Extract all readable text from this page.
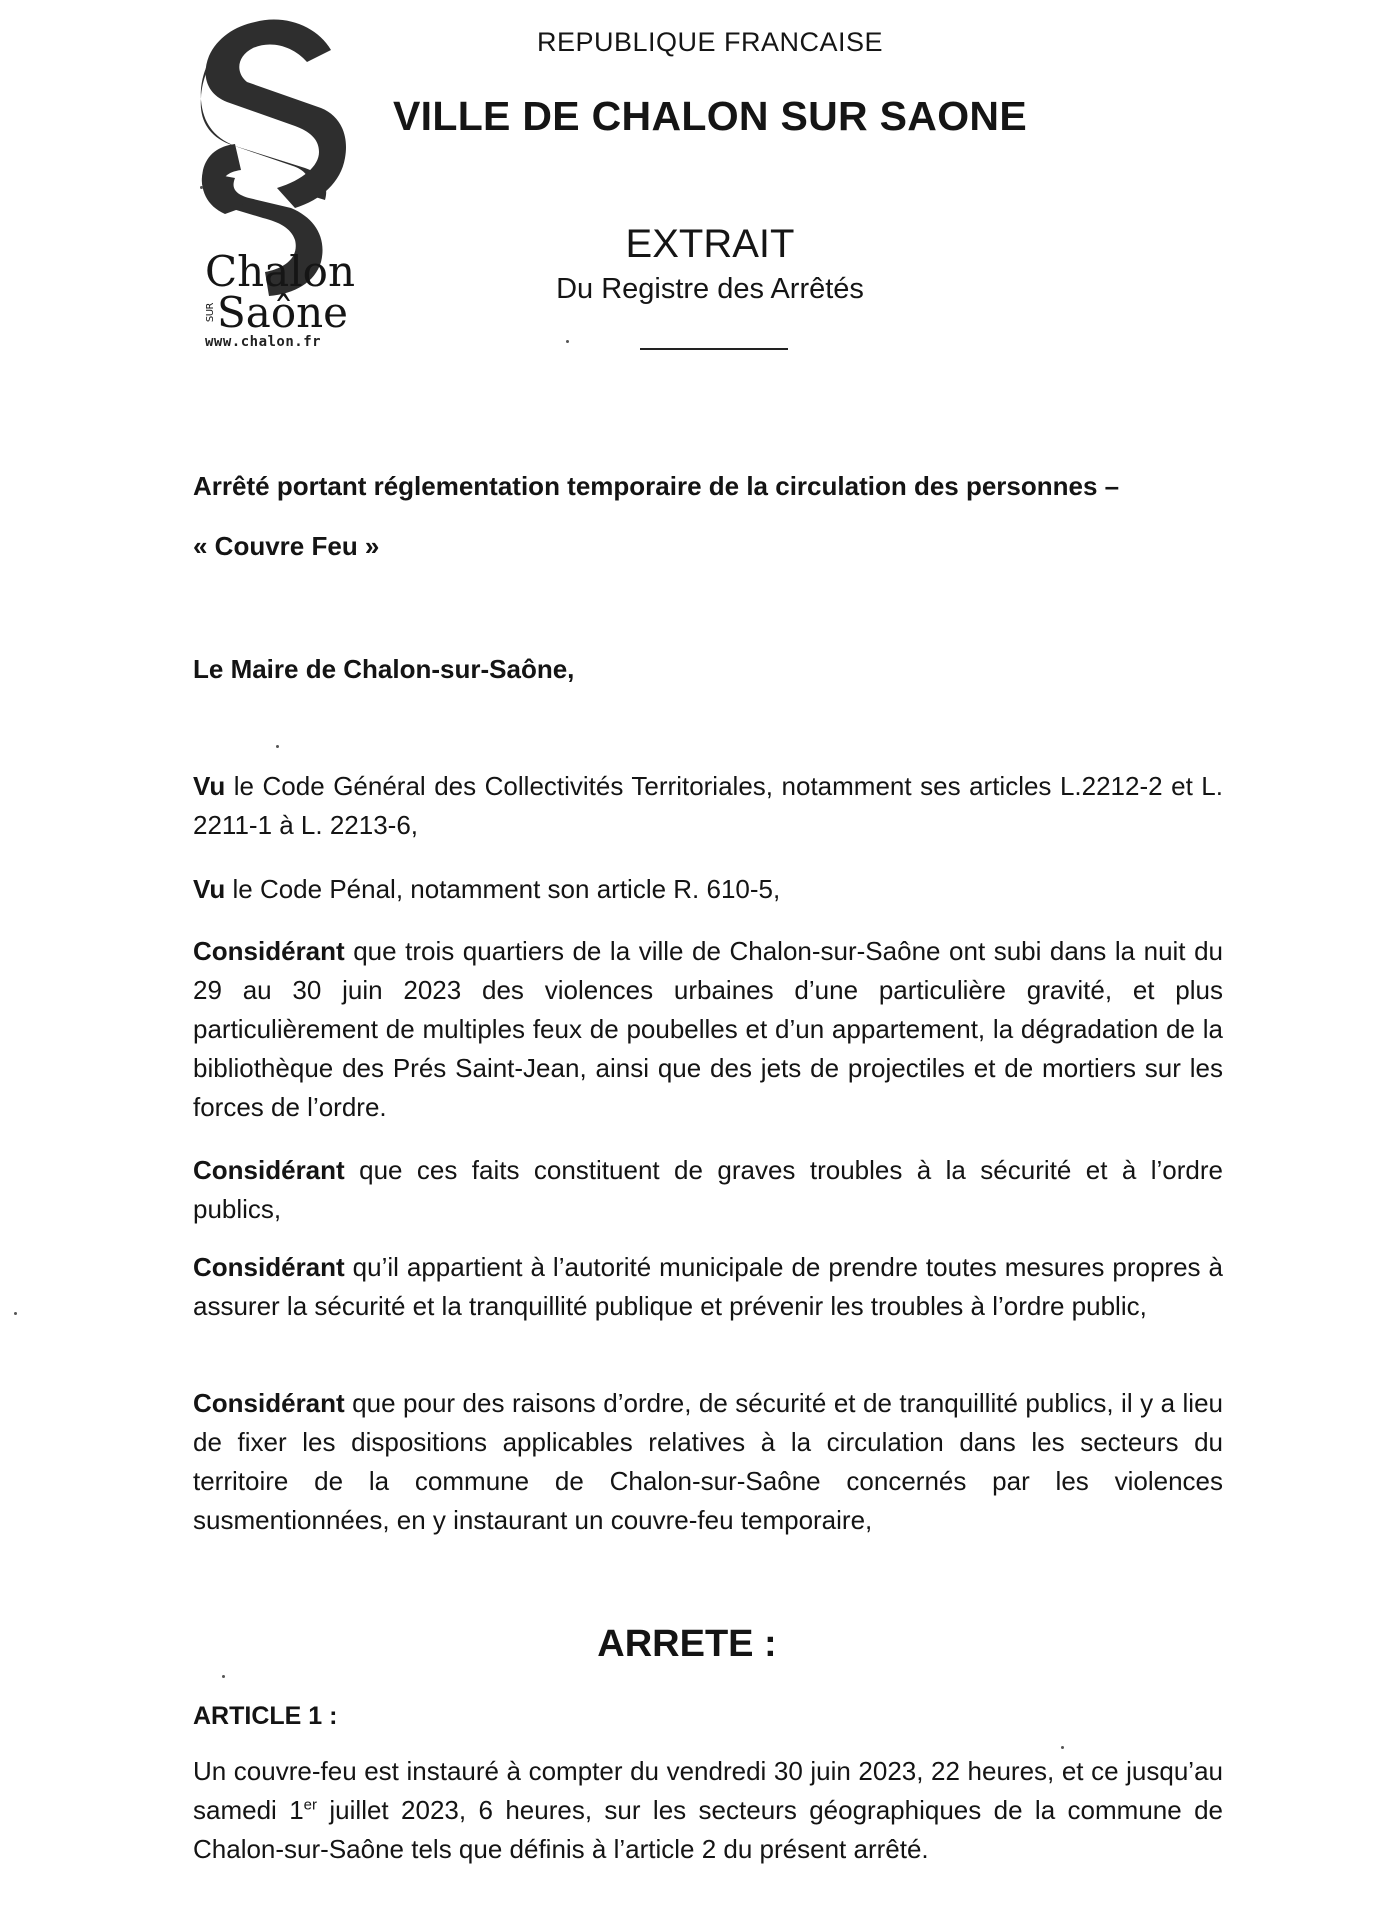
Chalon
SUR Saône
www.chalon.fr
REPUBLIQUE FRANCAISE
VILLE DE CHALON SUR SAONE
EXTRAIT
Du Registre des Arrêtés

Arrêté portant réglementation temporaire de la circulation des personnes –

« Couvre Feu »

Le Maire de Chalon-sur-Saône,

Vu le Code Général des Collectivités Territoriales, notamment ses articles L.2212-2 et L. 2211-1 à L. 2213-6,

Vu le Code Pénal, notamment son article R. 610-5,

Considérant que trois quartiers de la ville de Chalon-sur-Saône ont subi dans la nuit du 29 au 30 juin 2023 des violences urbaines d’une particulière gravité, et plus particulièrement de multiples feux de poubelles et d’un appartement, la dégradation de la bibliothèque des Prés Saint-Jean, ainsi que des jets de projectiles et de mortiers sur les forces de l’ordre.

Considérant que ces faits constituent de graves troubles à la sécurité et à l’ordre publics,

Considérant qu’il appartient à l’autorité municipale de prendre toutes mesures propres à assurer la sécurité et la tranquillité publique et prévenir les troubles à l’ordre public,

Considérant que pour des raisons d’ordre, de sécurité et de tranquillité publics, il y a lieu de fixer les dispositions applicables relatives à la circulation dans les secteurs du territoire de la commune de Chalon-sur-Saône concernés par les violences susmentionnées, en y instaurant un couvre-feu temporaire,

ARRETE :

ARTICLE 1 :

Un couvre-feu est instauré à compter du vendredi 30 juin 2023, 22 heures, et ce jusqu’au samedi 1er juillet 2023, 6 heures, sur les secteurs géographiques de la commune de Chalon-sur-Saône tels que définis à l’article 2 du présent arrêté.
